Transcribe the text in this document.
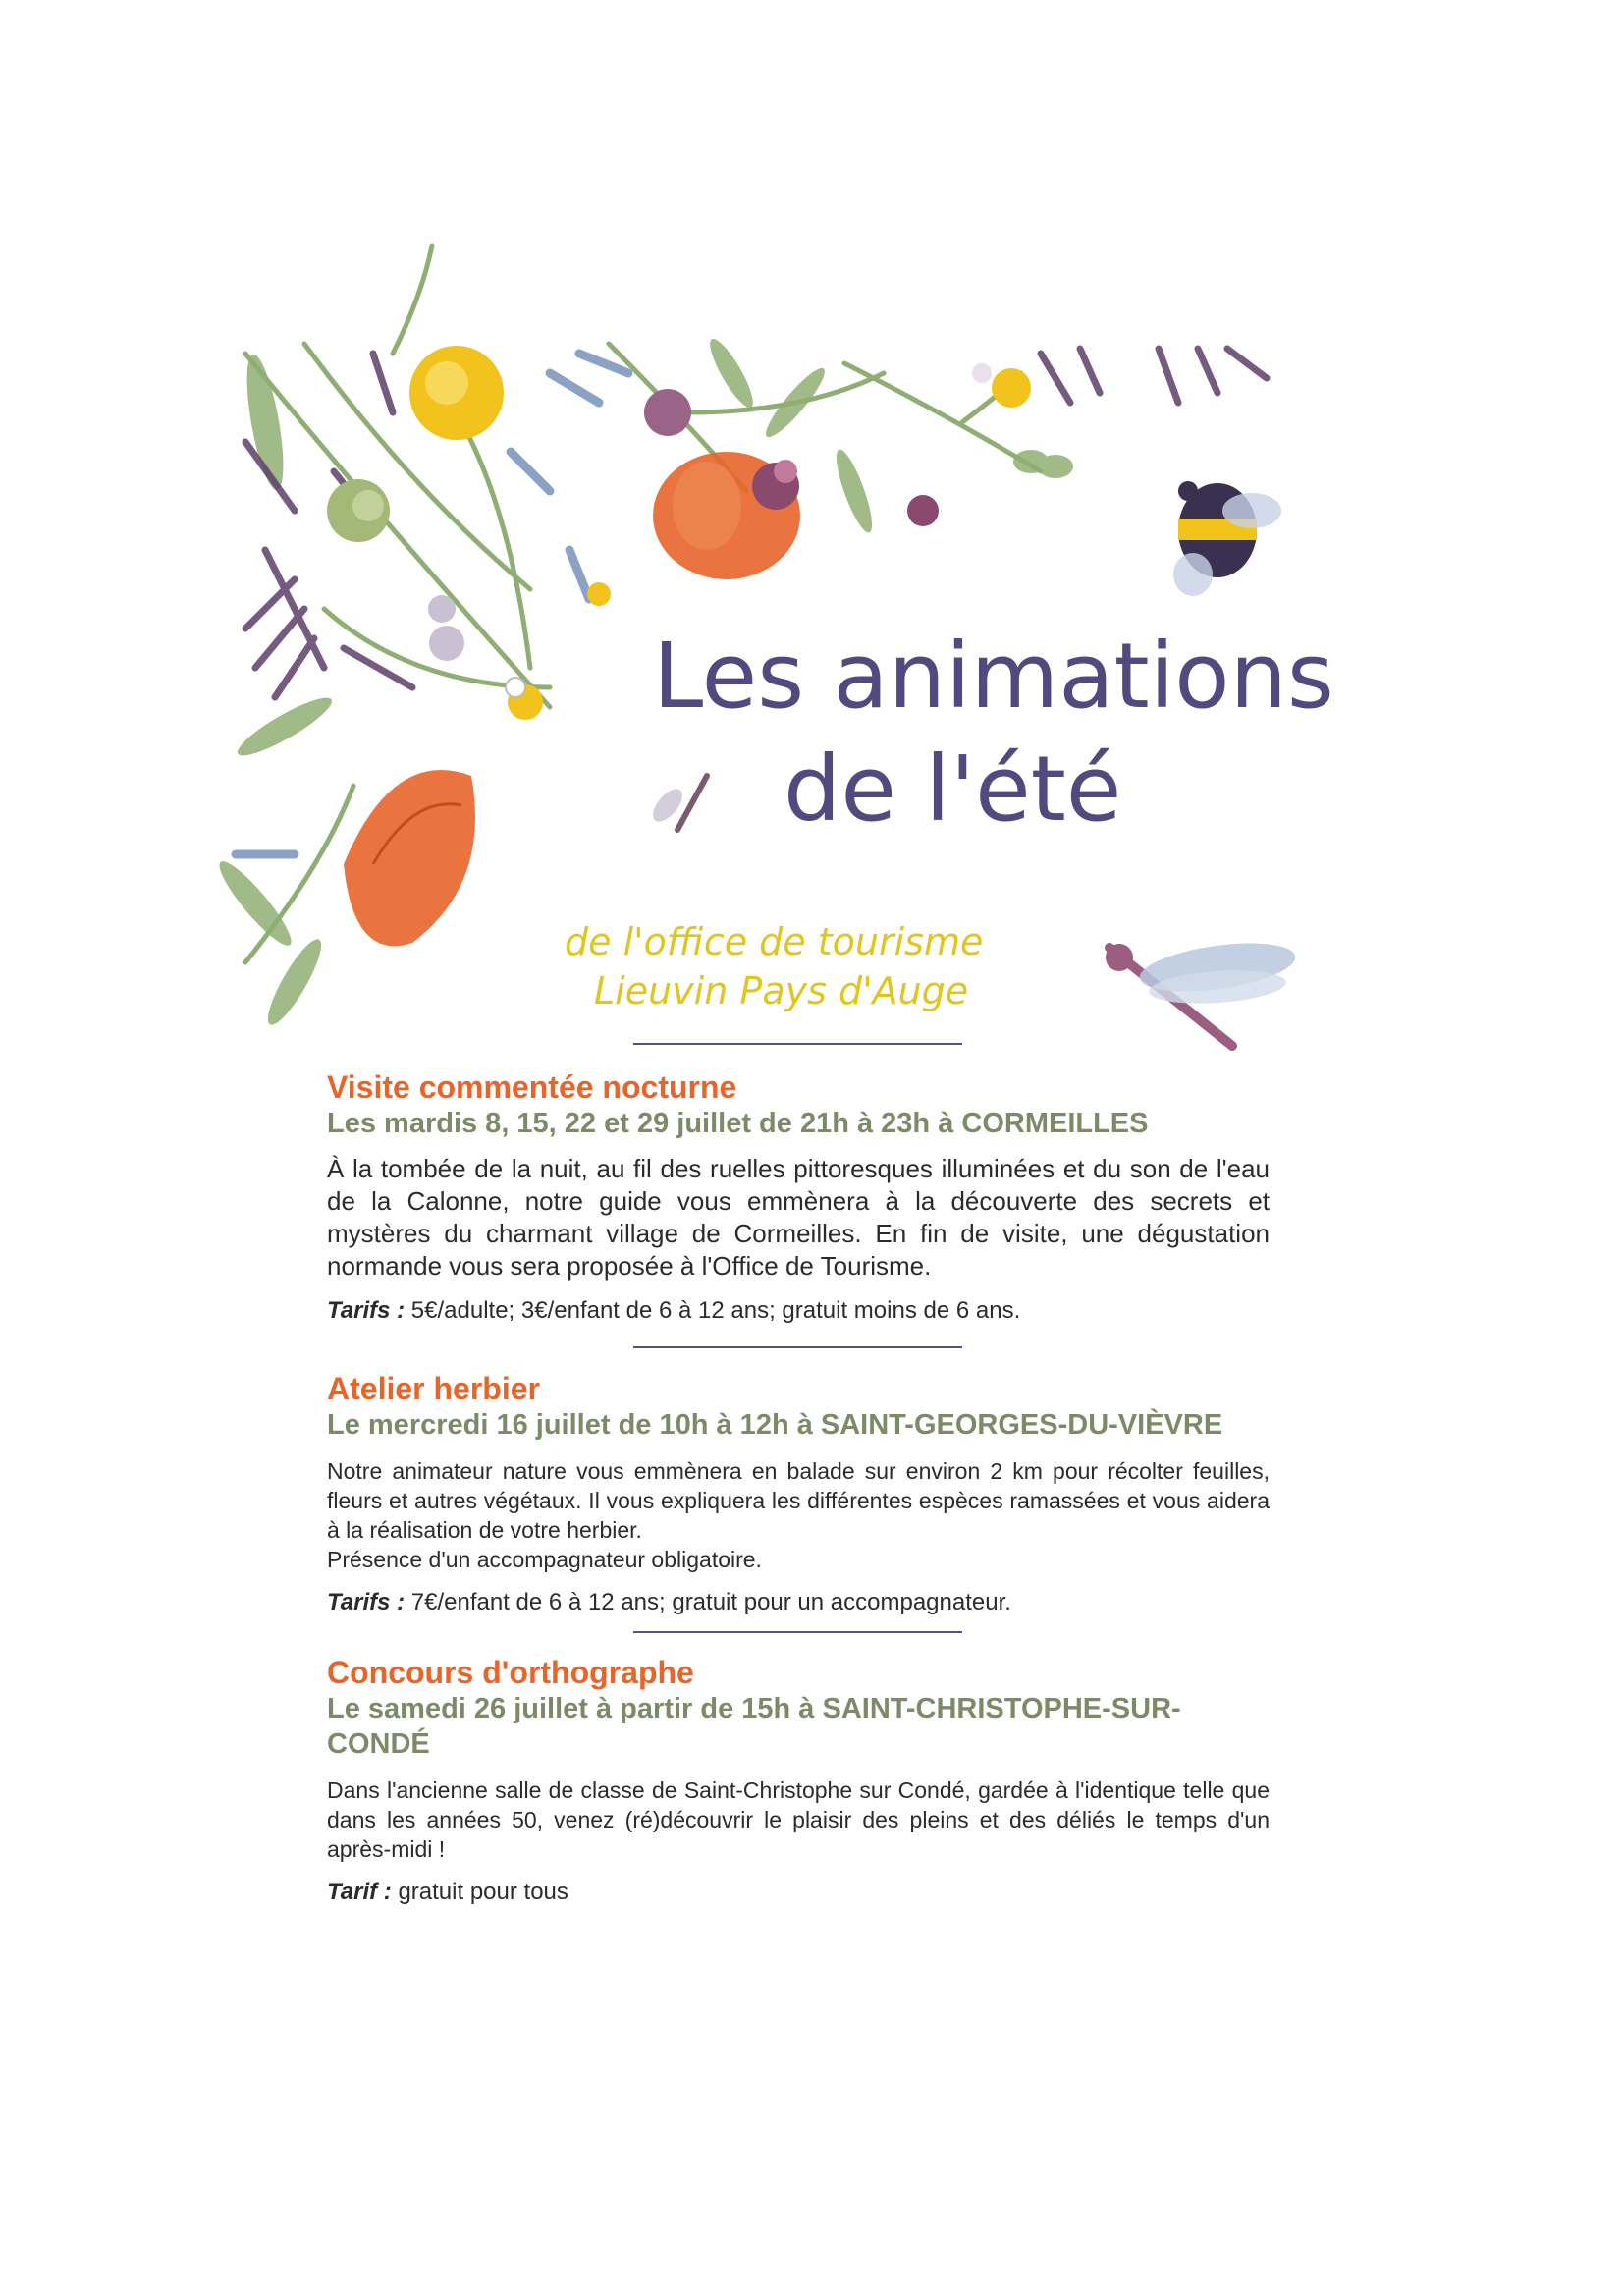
Les animations
de l'été
de l'office de tourisme
Lieuvin Pays d'Auge
Visite commentée nocturne

Les mardis 8, 15, 22 et 29 juillet de 21h à 23h à CORMEILLES

À la tombée de la nuit, au fil des ruelles pittoresques illuminées et du son de l'eau de la Calonne, notre guide vous emmènera à la découverte des secrets et mystères du charmant village de Cormeilles. En fin de visite, une dégustation normande vous sera proposée à l'Office de Tourisme.

Tarifs : 5€/adulte; 3€/enfant de 6 à 12 ans; gratuit moins de 6 ans.

Atelier herbier

Le mercredi 16 juillet de 10h à 12h à SAINT-GEORGES-DU-VIÈVRE

Notre animateur nature vous emmènera en balade sur environ 2 km pour récolter feuilles, fleurs et autres végétaux. Il vous expliquera les différentes espèces ramassées et vous aidera à la réalisation de votre herbier.

Présence d'un accompagnateur obligatoire.

Tarifs : 7€/enfant de 6 à 12 ans; gratuit pour un accompagnateur.

Concours d'orthographe

Le samedi 26 juillet à partir de 15h à SAINT-CHRISTOPHE-SUR-CONDÉ

Dans l'ancienne salle de classe de Saint-Christophe sur Condé, gardée à l'identique telle que dans les années 50, venez (ré)découvrir le plaisir des pleins et des déliés le temps d'un après-midi !

Tarif : gratuit pour tous
